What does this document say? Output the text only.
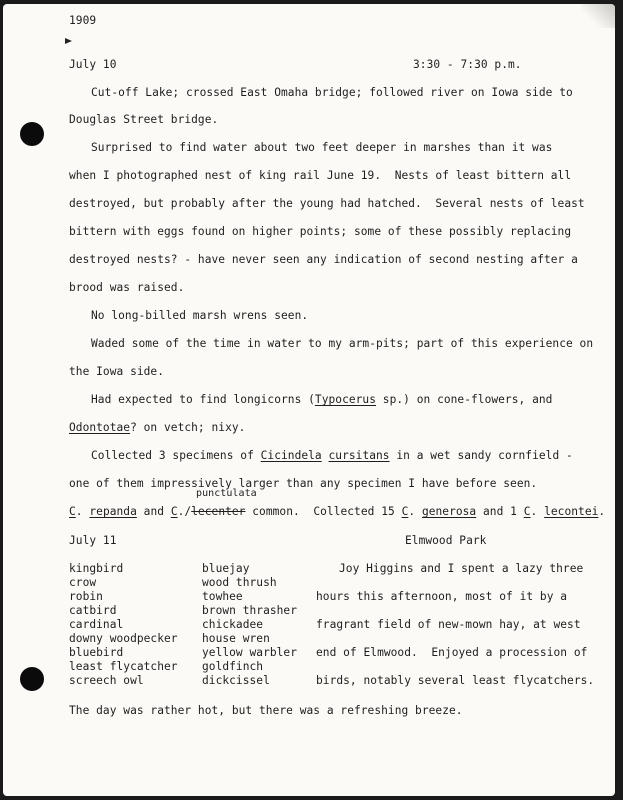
1909
July 10	3:30 - 7:30 p.m.
Cut-off Lake; crossed East Omaha bridge; followed river on Iowa side to
Douglas Street bridge.
Surprised to find water about two feet deeper in marshes than it was
when I photographed nest of king rail June 19.  Nests of least bittern all
destroyed, but probably after the young had hatched.  Several nests of least
bittern with eggs found on higher points; some of these possibly replacing
destroyed nests? - have never seen any indication of second nesting after a
brood was raised.
No long-billed marsh wrens seen.
Waded some of the time in water to my arm-pits; part of this experience on
the Iowa side.
Had expected to find longicorns (Typocerus sp.) on cone-flowers, and
Odontotae? on vetch; nixy.
Collected 3 specimens of Cicindela cursitans in a wet sandy cornfield -
one of them impressively larger than any specimen I have before seen.
punctulata
C. repanda and C./lecenter common.  Collected 15 C. generosa and 1 C. lecontei.
July 11	Elmwood Park
kingbird
crow
robin
catbird
cardinal
downy woodpecker
bluebird
least flycatcher
screech owl
bluejay
wood thrush
towhee
brown thrasher
chickadee
house wren
yellow warbler
goldfinch
dickcissel
Joy Higgins and I spent a lazy three
hours this afternoon, most of it by a
fragrant field of new-mown hay, at west
end of Elmwood.  Enjoyed a procession of
birds, notably several least flycatchers.
The day was rather hot, but there was a refreshing breeze.
